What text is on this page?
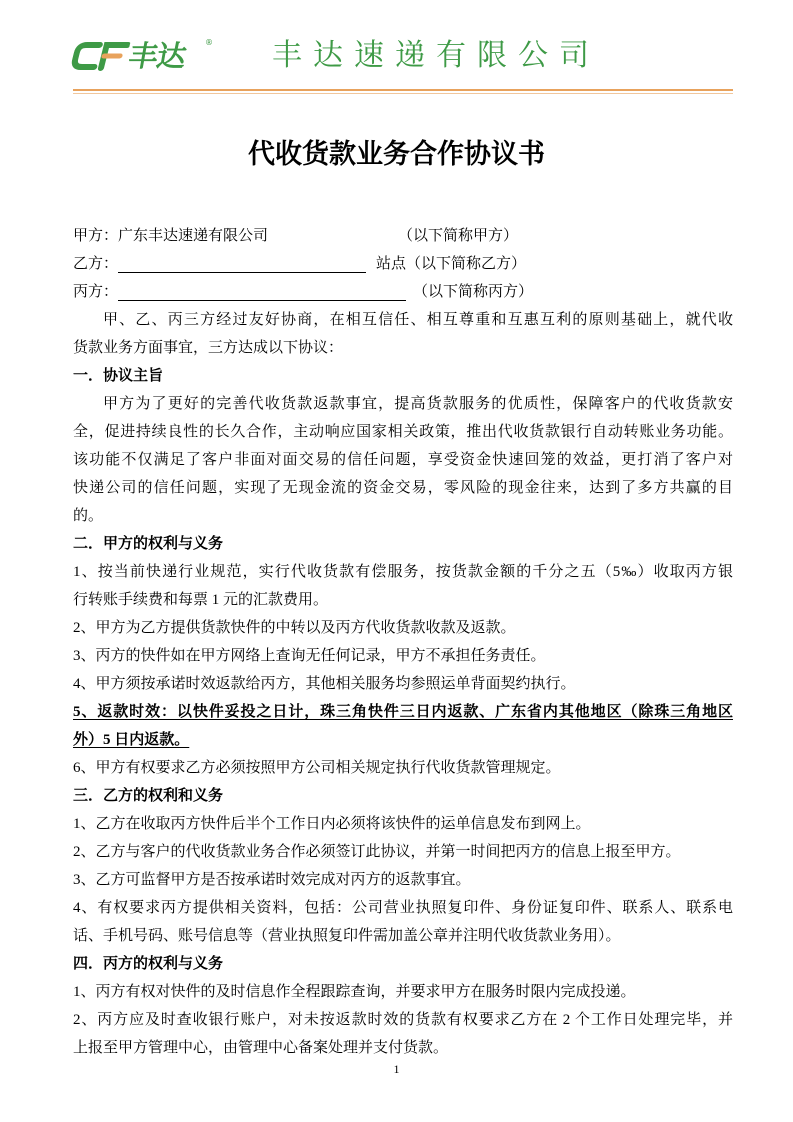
丰达 ® 丰达速递有限公司
代收货款业务合作协议书
甲方：广东丰达速递有限公司	（以下简称甲方）
乙方：	站点（以下简称乙方）
丙方：	（以下简称丙方）
甲、乙、丙三方经过友好协商，在相互信任、相互尊重和互惠互利的原则基础上，就代收
货款业务方面事宜，三方达成以下协议：
一．协议主旨
甲方为了更好的完善代收货款返款事宜，提高货款服务的优质性，保障客户的代收货款安
全，促进持续良性的长久合作，主动响应国家相关政策，推出代收货款银行自动转账业务功能。
该功能不仅满足了客户非面对面交易的信任问题，享受资金快速回笼的效益，更打消了客户对
快递公司的信任问题，实现了无现金流的资金交易，零风险的现金往来，达到了多方共赢的目
的。
二．甲方的权利与义务
1、按当前快递行业规范，实行代收货款有偿服务，按货款金额的千分之五（5‰）收取丙方银
行转账手续费和每票 1 元的汇款费用。
2、甲方为乙方提供货款快件的中转以及丙方代收货款收款及返款。
3、丙方的快件如在甲方网络上查询无任何记录，甲方不承担任务责任。
4、甲方须按承诺时效返款给丙方，其他相关服务均参照运单背面契约执行。
5、返款时效：以快件妥投之日计，珠三角快件三日内返款、广东省内其他地区（除珠三角地区
外）5 日内返款。
6、甲方有权要求乙方必须按照甲方公司相关规定执行代收货款管理规定。
三．乙方的权利和义务
1、乙方在收取丙方快件后半个工作日内必须将该快件的运单信息发布到网上。
2、乙方与客户的代收货款业务合作必须签订此协议，并第一时间把丙方的信息上报至甲方。
3、乙方可监督甲方是否按承诺时效完成对丙方的返款事宜。
4、有权要求丙方提供相关资料，包括：公司营业执照复印件、身份证复印件、联系人、联系电
话、手机号码、账号信息等（营业执照复印件需加盖公章并注明代收货款业务用）。
四．丙方的权利与义务
1、丙方有权对快件的及时信息作全程跟踪查询，并要求甲方在服务时限内完成投递。
2、丙方应及时查收银行账户，对未按返款时效的货款有权要求乙方在 2 个工作日处理完毕，并
上报至甲方管理中心，由管理中心备案处理并支付货款。
1
